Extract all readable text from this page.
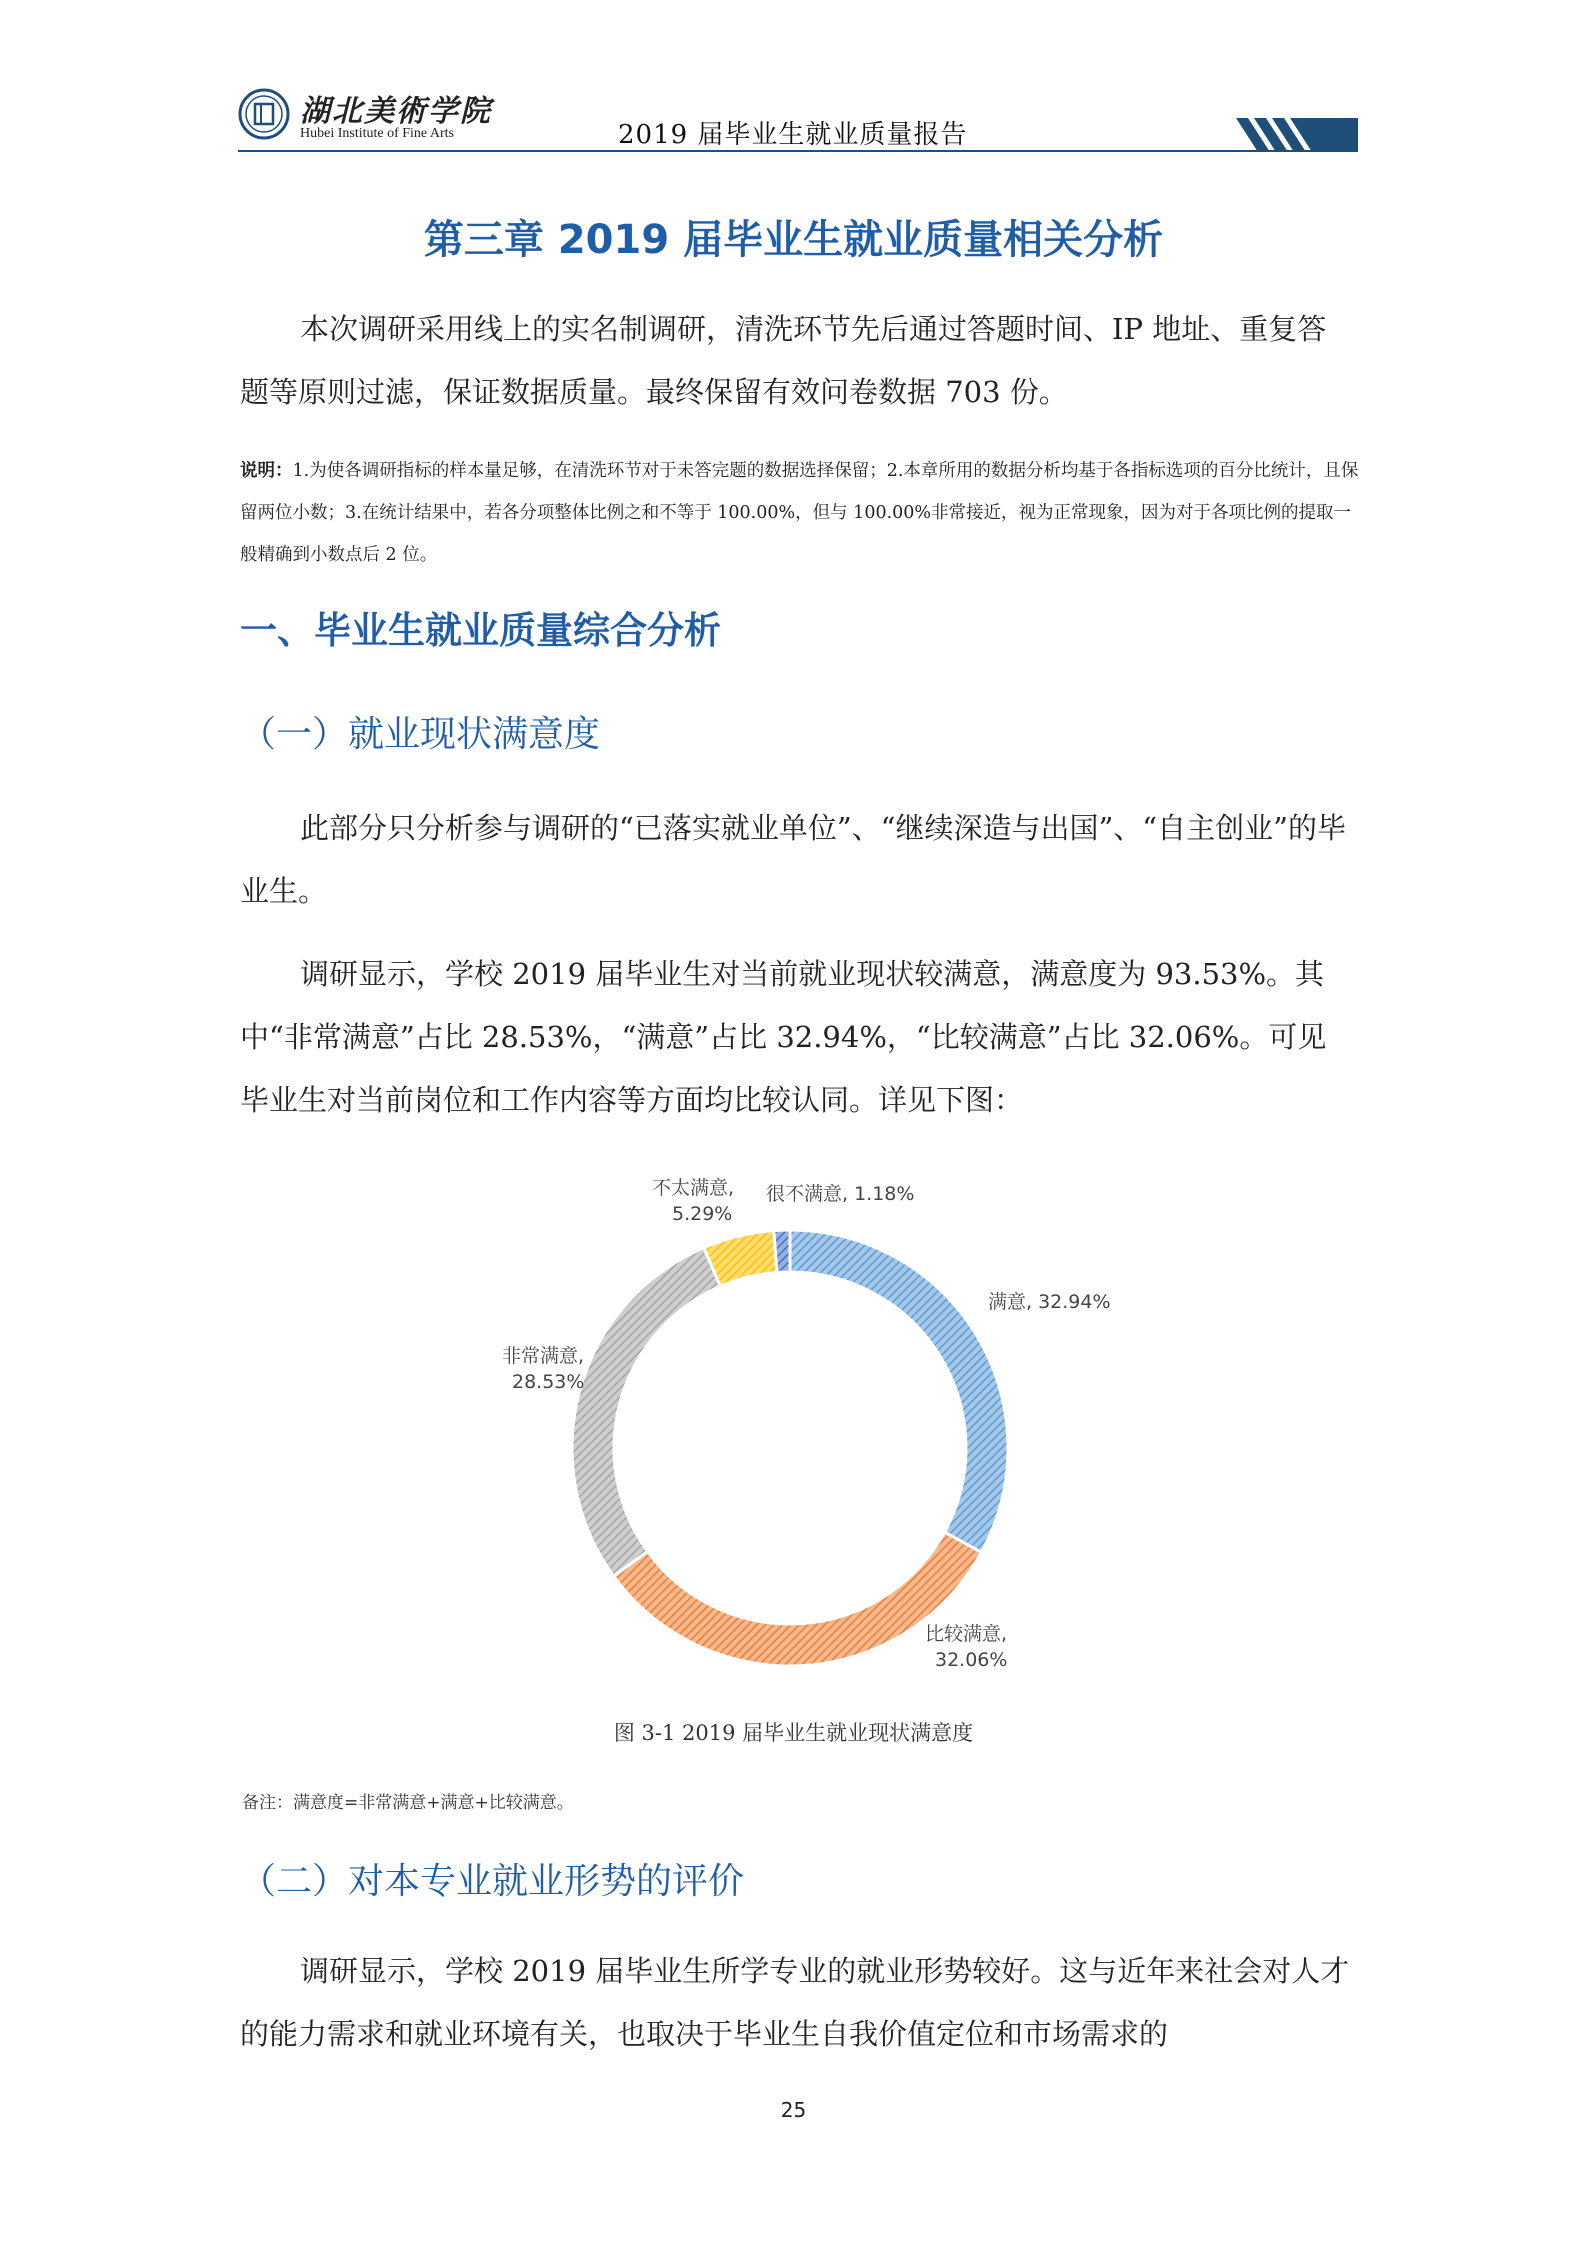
湖北美術学院
Hubei Institute of Fine Arts	2019 届毕业生就业质量报告
第三章 2019 届毕业生就业质量相关分析

本次调研采用线上的实名制调研，清洗环节先后通过答题时间、IP 地址、重复答题等原则过滤，保证数据质量。最终保留有效问卷数据 703 份。

说明：1.为使各调研指标的样本量足够，在清洗环节对于未答完题的数据选择保留；2.本章所用的数据分析均基于各指标选项的百分比统计，且保留两位小数；3.在统计结果中，若各分项整体比例之和不等于 100.00%，但与 100.00%非常接近，视为正常现象，因为对于各项比例的提取一般精确到小数点后 2 位。
一、毕业生就业质量综合分析
（一）就业现状满意度

此部分只分析参与调研的“已落实就业单位”、“继续深造与出国”、“自主创业”的毕业生。

调研显示，学校 2019 届毕业生对当前就业现状较满意，满意度为 93.53%。其中“非常满意”占比 28.53%，“满意”占比 32.94%，“比较满意”占比 32.06%。可见毕业生对当前岗位和工作内容等方面均比较认同。详见下图：

满意, 32.94%
比较满意,
32.06%
非常满意,
28.53%
不太满意,
5.29%
很不满意, 1.18%
图 3-1 2019 届毕业生就业现状满意度
备注：满意度=非常满意+满意+比较满意。
（二）对本专业就业形势的评价

调研显示，学校 2019 届毕业生所学专业的就业形势较好。这与近年来社会对人才的能力需求和就业环境有关，也取决于毕业生自我价值定位和市场需求的

25
